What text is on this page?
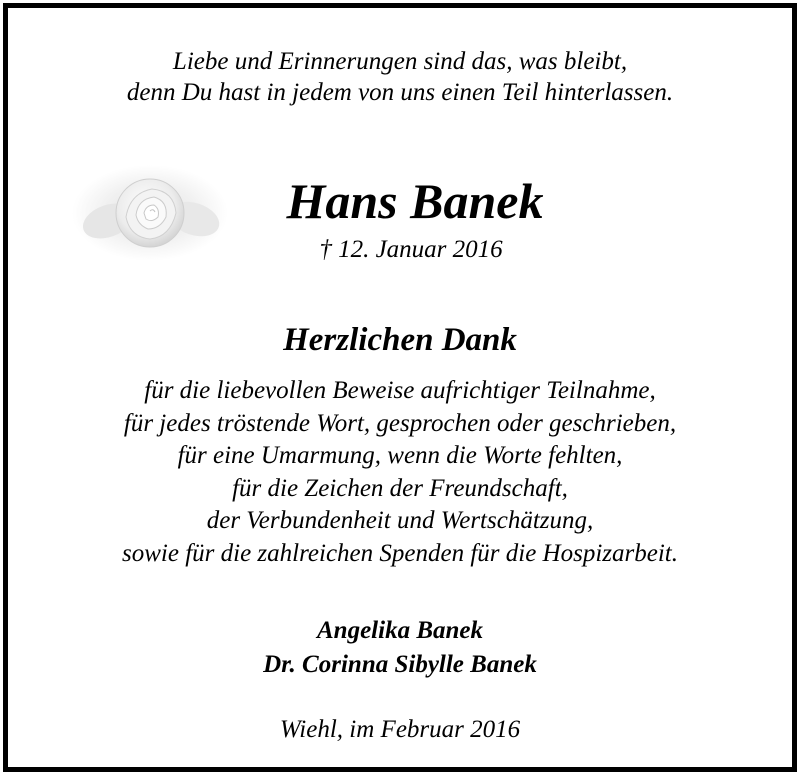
Liebe und Erinnerungen sind das, was bleibt,
denn Du hast in jedem von uns einen Teil hinterlassen.
Hans Banek
† 12. Januar 2016
Herzlichen Dank
für die liebevollen Beweise aufrichtiger Teilnahme,
für jedes tröstende Wort, gesprochen oder geschrieben,
für eine Umarmung, wenn die Worte fehlten,
für die Zeichen der Freundschaft,
der Verbundenheit und Wertschätzung,
sowie für die zahlreichen Spenden für die Hospizarbeit.
Angelika Banek
Dr. Corinna Sibylle Banek
Wiehl, im Februar 2016
